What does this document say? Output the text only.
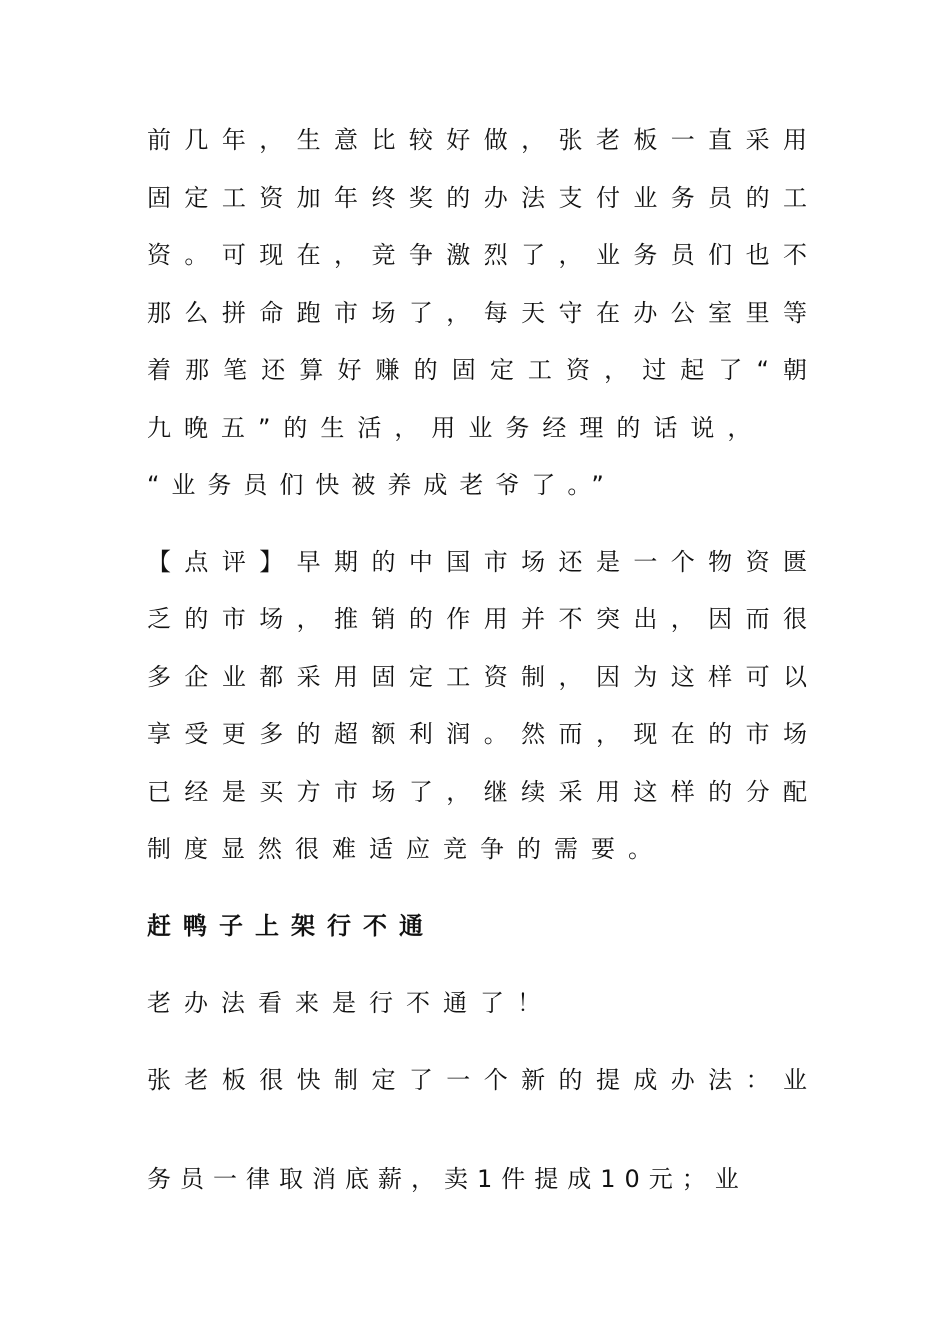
前几年，生意比较好做，张老板一直采用
固定工资加年终奖的办法支付业务员的工
资。可现在，竞争激烈了，业务员们也不
那么拼命跑市场了，每天守在办公室里等
着那笔还算好赚的固定工资，过起了“朝
九晚五”的生活，用业务经理的话说，
“业务员们快被养成老爷了。”
【点评】早期的中国市场还是一个物资匮
乏的市场，推销的作用并不突出，因而很
多企业都采用固定工资制，因为这样可以
享受更多的超额利润。然而，现在的市场
已经是买方市场了，继续采用这样的分配
制度显然很难适应竞争的需要。
赶鸭子上架行不通
老办法看来是行不通了！
张老板很快制定了一个新的提成办法：业
务员一律取消底薪，卖1件提成10元；业
